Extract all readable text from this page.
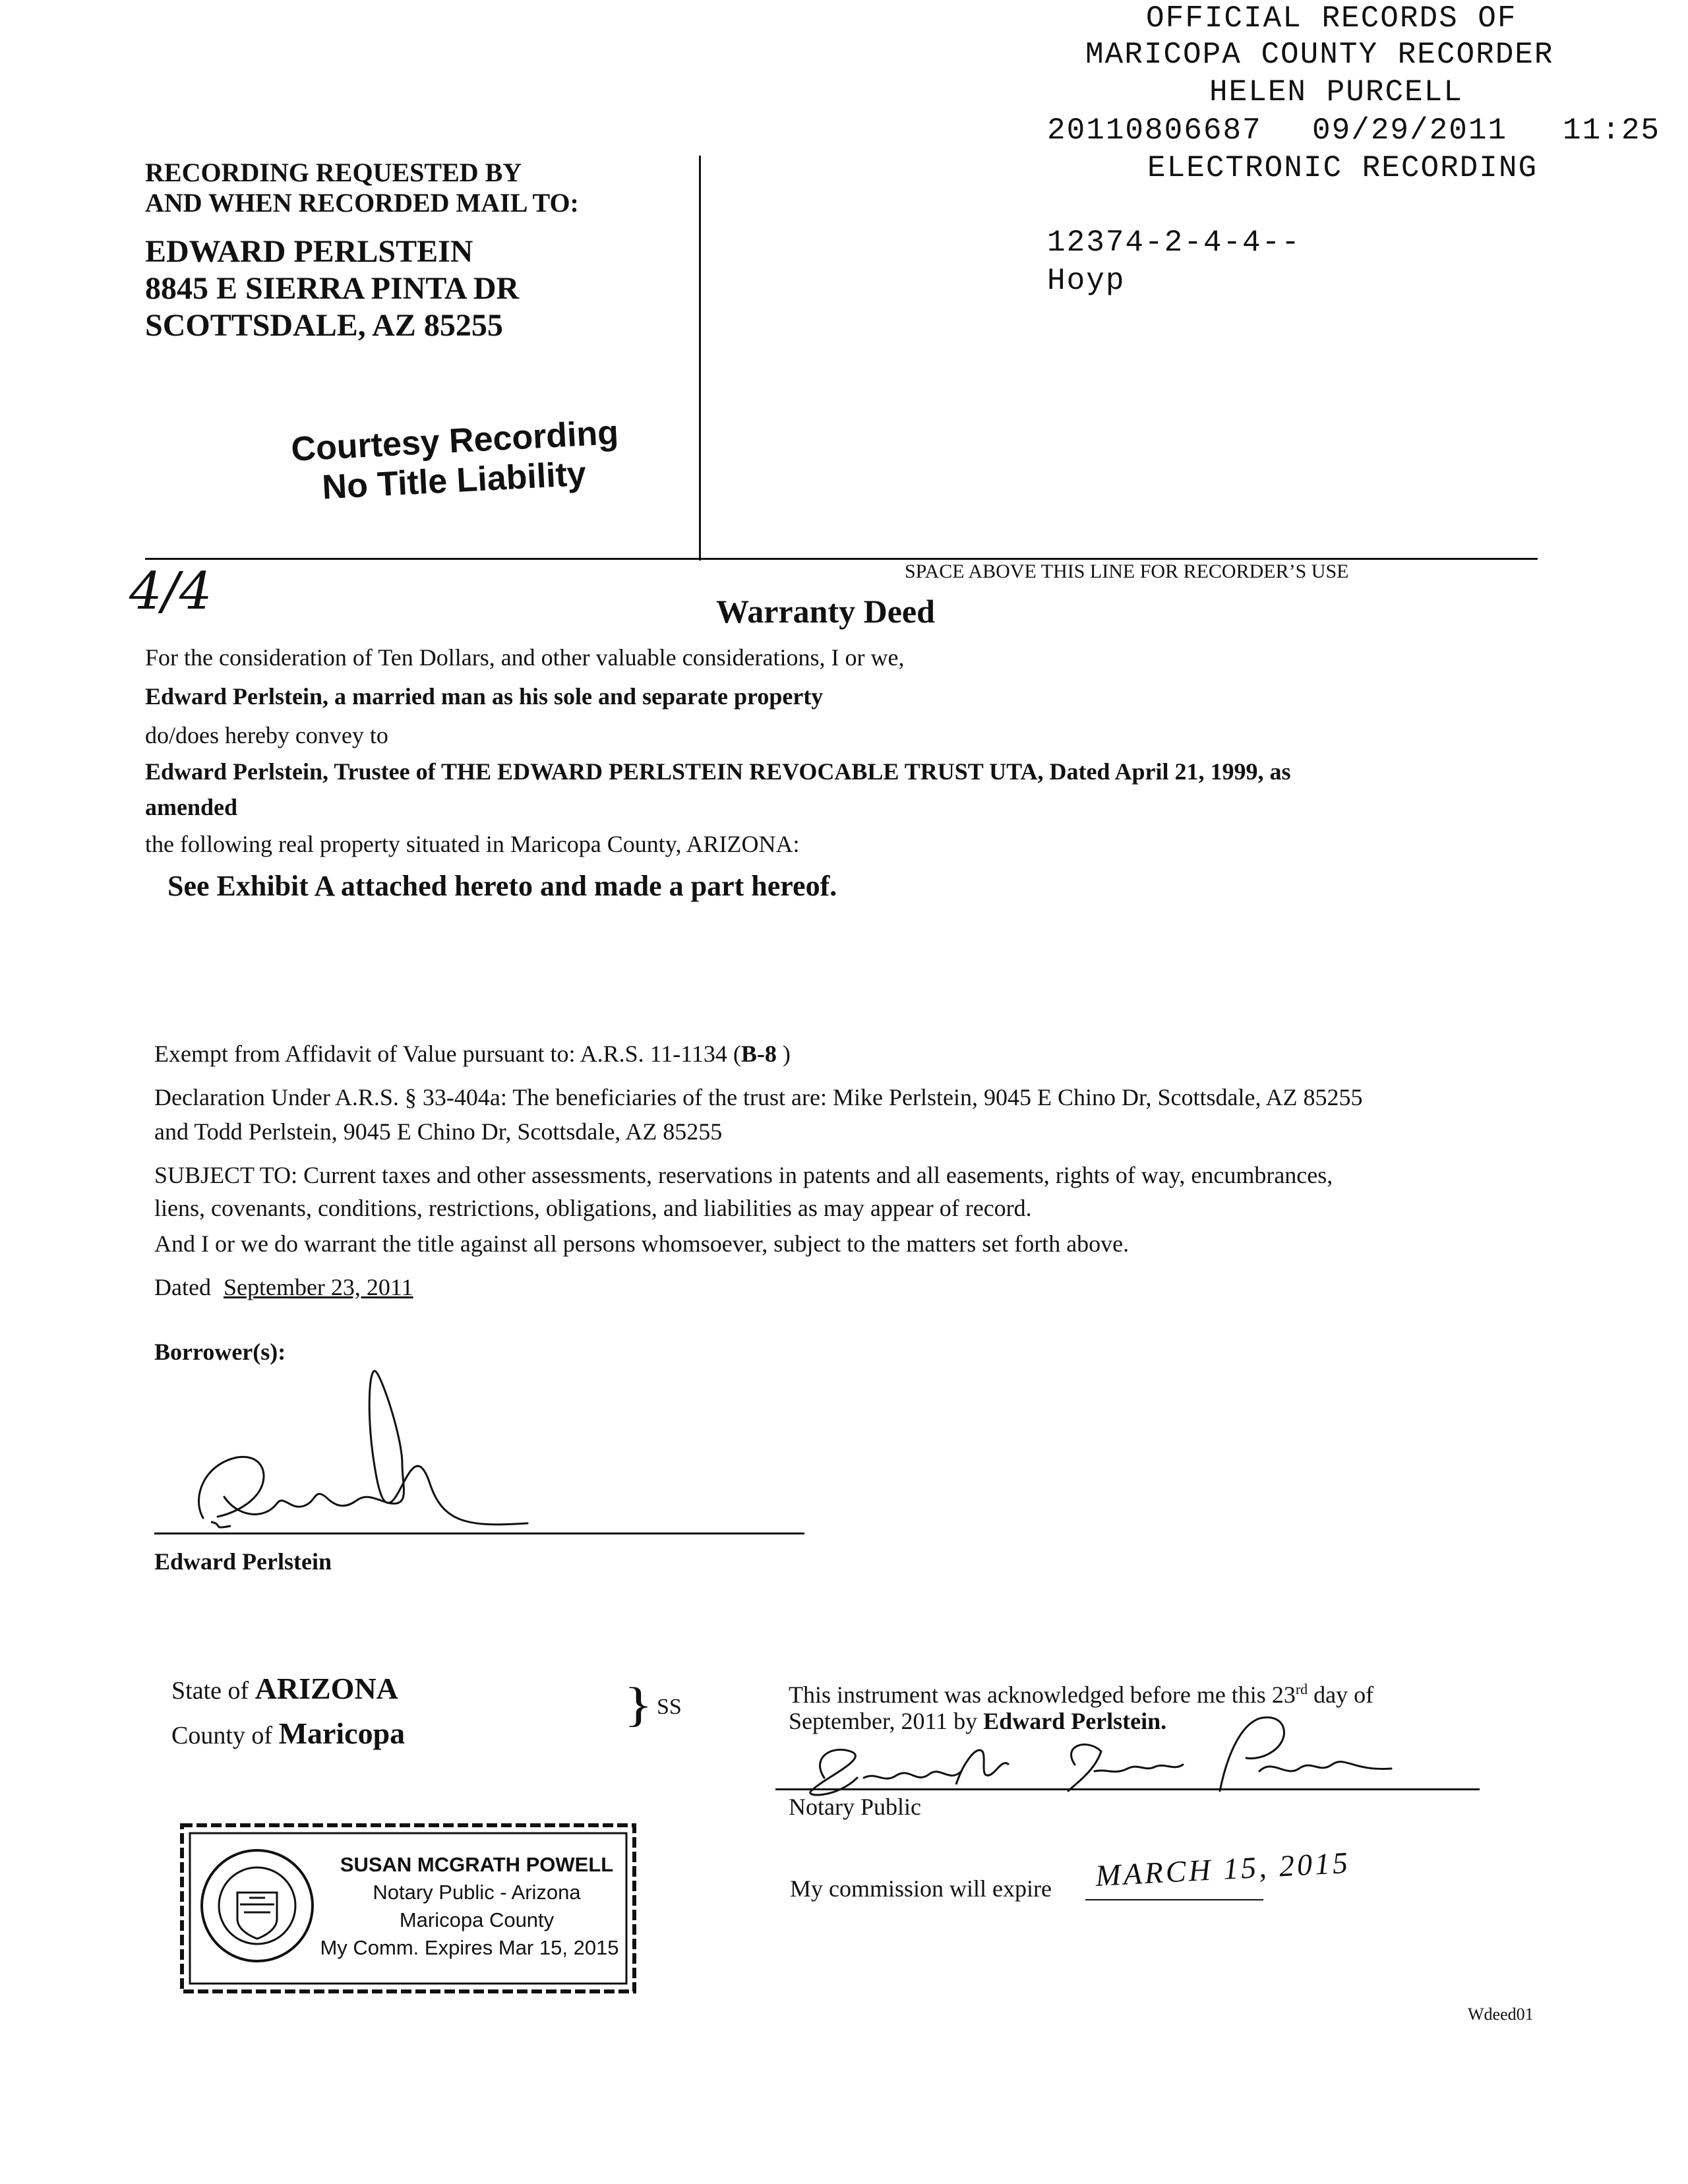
OFFICIAL RECORDS OF
MARICOPA COUNTY RECORDER
HELEN PURCELL
20110806687 09/29/2011 11:25
ELECTRONIC RECORDING
12374-2-4-4--
Hoyp
RECORDING REQUESTED BY
AND WHEN RECORDED MAIL TO:
EDWARD PERLSTEIN
8845 E SIERRA PINTA DR
SCOTTSDALE, AZ 85255
Courtesy Recording
No Title Liability
SPACE ABOVE THIS LINE FOR RECORDER’S USE
4/4	Warranty Deed
For the consideration of Ten Dollars, and other valuable considerations, I or we,
Edward Perlstein, a married man as his sole and separate property
do/does hereby convey to
Edward Perlstein, Trustee of THE EDWARD PERLSTEIN REVOCABLE TRUST UTA, Dated April 21, 1999, as
amended
the following real property situated in Maricopa County, ARIZONA:
See Exhibit A attached hereto and made a part hereof.
Exempt from Affidavit of Value pursuant to: A.R.S. 11-1134 (B-8 )
Declaration Under A.R.S. § 33-404a: The beneficiaries of the trust are: Mike Perlstein, 9045 E Chino Dr, Scottsdale, AZ 85255
and Todd Perlstein, 9045 E Chino Dr, Scottsdale, AZ 85255
SUBJECT TO: Current taxes and other assessments, reservations in patents and all easements, rights of way, encumbrances,
liens, covenants, conditions, restrictions, obligations, and liabilities as may appear of record.
And I or we do warrant the title against all persons whomsoever, subject to the matters set forth above.
Dated September 23, 2011
Borrower(s):
Edward Perlstein
State of ARIZONA
County of Maricopa
} SS	This instrument was acknowledged before me this 23rd day of
September, 2011 by Edward Perlstein.
Notary Public
My commission will expire MARCH 15, 2015
SUSAN MCGRATH POWELL
Notary Public - Arizona
Maricopa County
My Comm. Expires Mar 15, 2015
Wdeed01
